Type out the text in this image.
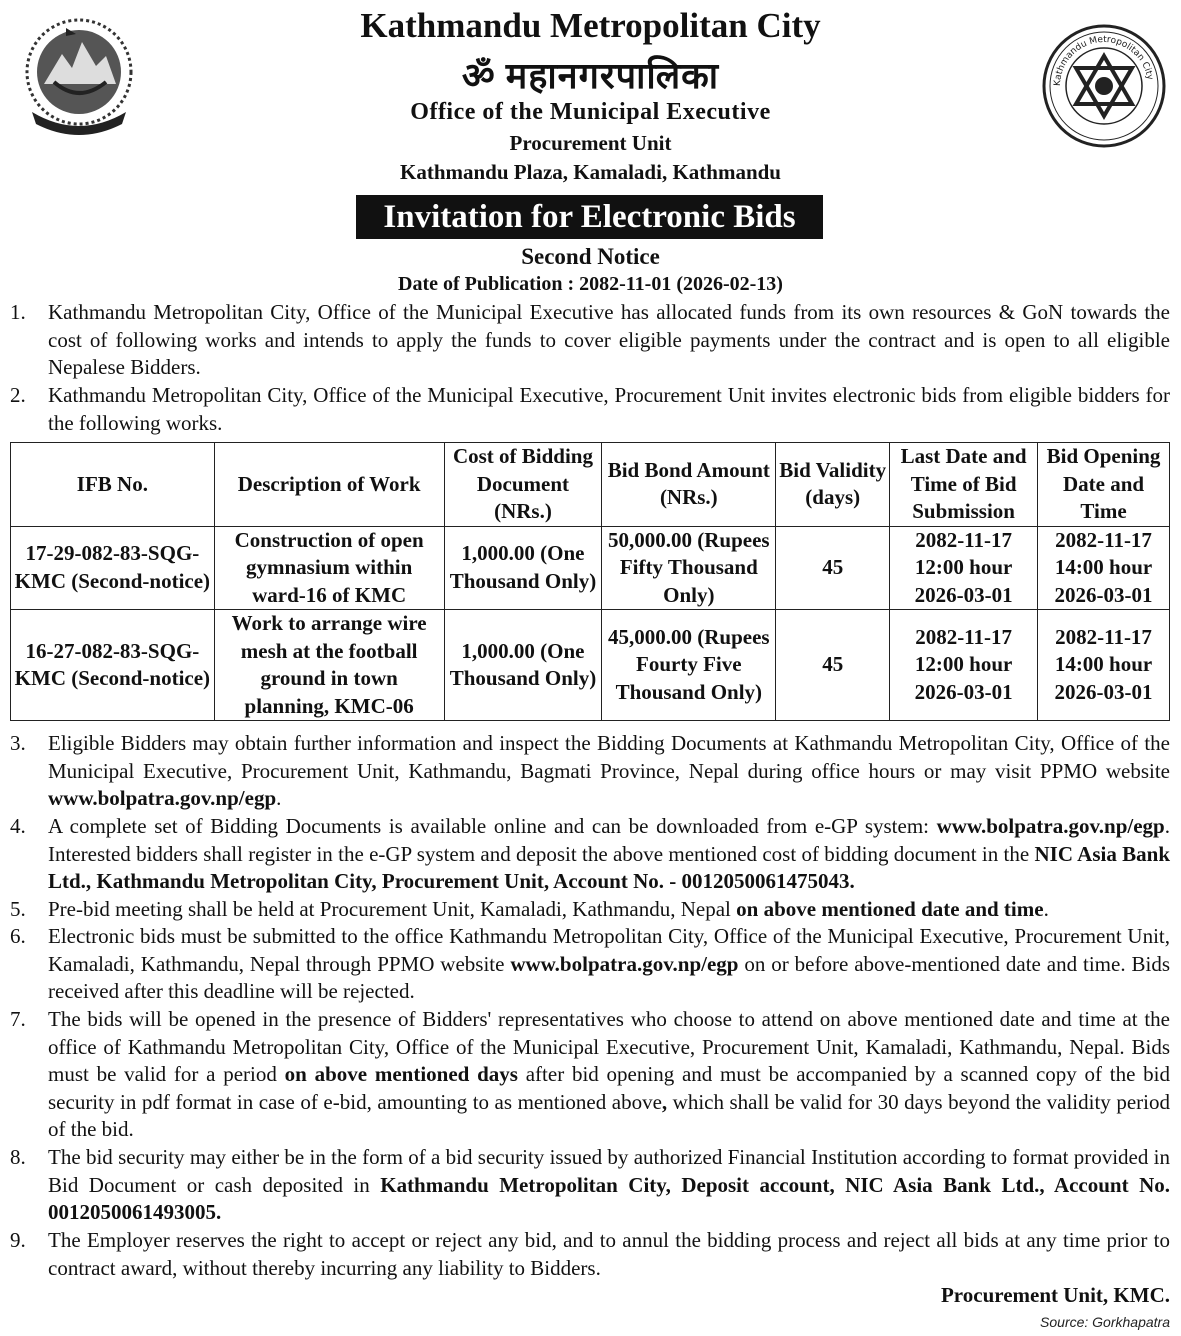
Kathmandu Metropolitan City
Kathmandu Metropolitan City
ॐ महानगरपालिका
Office of the Municipal Executive
Procurement Unit
Kathmandu Plaza, Kamaladi, Kathmandu
Invitation for Electronic Bids
Second Notice
Date of Publication : 2082-11-01 (2026-02-13)
1.	Kathmandu Metropolitan City, Office of the Municipal Executive has allocated funds from its own resources & GoN towards the cost of following works and intends to apply the funds to cover eligible payments under the contract and is open to all eligible Nepalese Bidders.
2.	Kathmandu Metropolitan City, Office of the Municipal Executive, Procurement Unit invites electronic bids from eligible bidders for the following works.
IFB No.	Description of Work	Cost of Bidding Document (NRs.)	Bid Bond Amount (NRs.)	Bid Validity (days)	Last Date and Time of Bid Submission	Bid Opening Date and Time
17-29-082-83-SQG-KMC (Second-notice)	Construction of open gymnasium within ward-16 of KMC	1,000.00 (One Thousand Only)	50,000.00 (Rupees Fifty Thousand Only)	45	2082-11-17 12:00 hour 2026-03-01	2082-11-17 14:00 hour 2026-03-01
16-27-082-83-SQG-KMC (Second-notice)	Work to arrange wire mesh at the football ground in town planning, KMC-06	1,000.00 (One Thousand Only)	45,000.00 (Rupees Fourty Five Thousand Only)	45	2082-11-17 12:00 hour 2026-03-01	2082-11-17 14:00 hour 2026-03-01
3.	Eligible Bidders may obtain further information and inspect the Bidding Documents at Kathmandu Metropolitan City, Office of the Municipal Executive, Procurement Unit, Kathmandu, Bagmati Province, Nepal during office hours or may visit PPMO website www.bolpatra.gov.np/egp.
4.	A complete set of Bidding Documents is available online and can be downloaded from e-GP system: www.bolpatra.gov.np/egp. Interested bidders shall register in the e-GP system and deposit the above mentioned cost of bidding document in the NIC Asia Bank Ltd., Kathmandu Metropolitan City, Procurement Unit, Account No. - 0012050061475043.
5.	Pre-bid meeting shall be held at Procurement Unit, Kamaladi, Kathmandu, Nepal on above mentioned date and time.
6.	Electronic bids must be submitted to the office Kathmandu Metropolitan City, Office of the Municipal Executive, Procurement Unit, Kamaladi, Kathmandu, Nepal through PPMO website www.bolpatra.gov.np/egp on or before above-mentioned date and time. Bids received after this deadline will be rejected.
7.	The bids will be opened in the presence of Bidders' representatives who choose to attend on above mentioned date and time at the office of Kathmandu Metropolitan City, Office of the Municipal Executive, Procurement Unit, Kamaladi, Kathmandu, Nepal. Bids must be valid for a period on above mentioned days after bid opening and must be accompanied by a scanned copy of the bid security in pdf format in case of e-bid, amounting to as mentioned above, which shall be valid for 30 days beyond the validity period of the bid.
8.	The bid security may either be in the form of a bid security issued by authorized Financial Institution according to format provided in Bid Document or cash deposited in Kathmandu Metropolitan City, Deposit account, NIC Asia Bank Ltd., Account No. 0012050061493005.
9.	The Employer reserves the right to accept or reject any bid, and to annul the bidding process and reject all bids at any time prior to contract award, without thereby incurring any liability to Bidders.
Procurement Unit, KMC.
Source: Gorkhapatra
